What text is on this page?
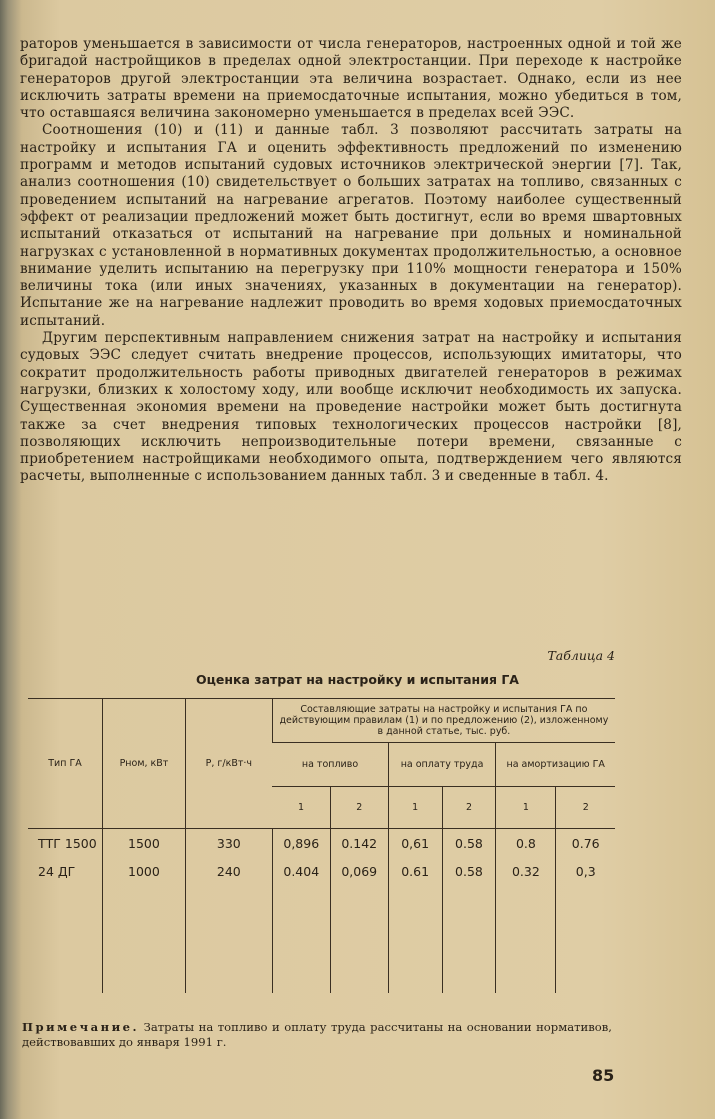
раторов уменьшается в зависимости от числа генераторов, настроенных одной и той же бригадой настройщиков в пределах одной электростанции. При переходе к настройке генераторов другой электростанции эта величина возрастает. Однако, если из нее исключить затраты времени на приемосдаточные испытания, можно убедиться в том, что оставшаяся величина закономерно уменьшается в пределах всей ЭЭС.

Соотношения (10) и (11) и данные табл. 3 позволяют рассчитать затраты на настройку и испытания ГА и оценить эффективность предложений по изменению программ и методов испытаний судовых источников электрической энергии [7]. Так, анализ соотношения (10) свидетельствует о больших затратах на топливо, связанных с проведением испытаний на нагревание агрегатов. Поэтому наиболее существенный эффект от реализации предложений может быть достигнут, если во время швартовных испытаний отказаться от испытаний на нагревание при дольных и номинальной нагрузках с установленной в нормативных документах продолжительностью, а основное внимание уделить испытанию на перегрузку при 110% мощности генератора и 150% величины тока (или иных значениях, указанных в документации на генератор). Испытание же на нагревание надлежит проводить во время ходовых приемосдаточных испытаний.

Другим перспективным направлением снижения затрат на настройку и испытания судовых ЭЭС следует считать внедрение процессов, использующих имитаторы, что сократит продолжительность работы приводных двигателей генераторов в режимах нагрузки, близких к холостому ходу, или вообще исключит необходимость их запуска. Существенная экономия времени на проведение настройки может быть достигнута также за счет внедрения типовых технологических процессов настройки [8], позволяющих исключить непроизводительные потери времени, связанные с приобретением настройщиками необходимого опыта, подтверждением чего являются расчеты, выполненные с использованием данных табл. 3 и сведенные в табл. 4.

Таблица 4
Оценка затрат на настройку и испытания ГА
Тип ГА	Pном, кВт	P, г/кВт·ч	Составляющие затраты на настройку и испытания ГА по действующим правилам (1) и по предложению (2), изложенному в данной статье, тыс. руб.					
			на топливо		на оплату труда		на амортизацию ГА	
			1	2	1	2	1	2
ТТГ 1500	1500	330	0,896	0.142	0,61	0.58	0.8	0.76
24 ДГ	1000	240	0.404	0,069	0.61	0.58	0.32	0,3

Примечание. Затраты на топливо и оплату труда рассчитаны на основании нормативов, действовавших до января 1991 г.
85
